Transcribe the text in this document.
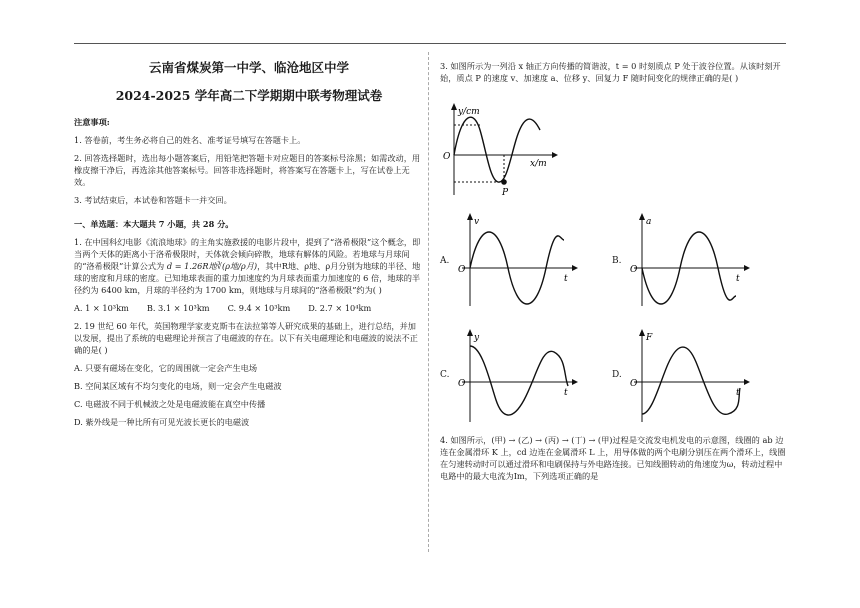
云南省煤炭第一中学、临沧地区中学
2024-2025 学年高二下学期期中联考物理试卷
注意事项:

1. 答卷前，考生务必将自己的姓名、准考证号填写在答题卡上。

2. 回答选择题时，选出每小题答案后，用铅笔把答题卡对应题目的答案标号涂黑；如需改动，用橡皮擦干净后，再选涂其他答案标号。回答非选择题时，将答案写在答题卡上，写在试卷上无效。

3. 考试结束后，本试卷和答题卡一并交回。

一、单选题：本大题共 7 小题，共 28 分。

1. 在中国科幻电影《流浪地球》的主角实施救援的电影片段中，提到了“洛希极限”这个概念，即当两个天体的距离小于洛希极限时，天体就会倾向碎散，地球有解体的风险。若地球与月球间的“洛希极限”计算公式为 d = 1.26R地∛(ρ地/ρ月)，其中R地、ρ地、ρ月分别为地球的半径、地球的密度和月球的密度。已知地球表面的重力加速度约为月球表面重力加速度的 6 倍，地球的半径约为 6400 km，月球的半径约为 1700 km，则地球与月球间的“洛希极限”约为( )

A. 1 × 10³km B. 3.1 × 10³km C. 9.4 × 10³km D. 2.7 × 10⁴km

2. 19 世纪 60 年代，英国物理学家麦克斯韦在法拉第等人研究成果的基础上，进行总结，并加以发展，提出了系统的电磁理论并预言了电磁波的存在。以下有关电磁理论和电磁波的说法不正确的是( )

A. 只要有磁场在变化，它的周围就一定会产生电场

B. 空间某区域有不均匀变化的电场，则一定会产生电磁波

C. 电磁波不同于机械波之处是电磁波能在真空中传播

D. 紫外线是一种比所有可见光波长更长的电磁波

3. 如图所示为一列沿 x 轴正方向传播的简谐波，t = 0 时刻质点 P 处于波谷位置。从该时刻开始，质点 P 的速度 v、加速度 a、位移 y、回复力 F 随时间变化的规律正确的是( )

y/cm
x/m
O
P
A.
v
t
O
B.
a
t
O
C.
y
t
O
D.
F
t
O

4. 如图所示，(甲) → (乙) → (丙) → (丁) → (甲)过程是交流发电机发电的示意图，线圈的 ab 边连在金属滑环 K 上，cd 边连在金属滑环 L 上，用导体做的两个电刷分别压在两个滑环上，线圈在匀速转动时可以通过滑环和电刷保持与外电路连接。已知线圈转动的角速度为ω，转动过程中电路中的最大电流为Im，下列选项正确的是
